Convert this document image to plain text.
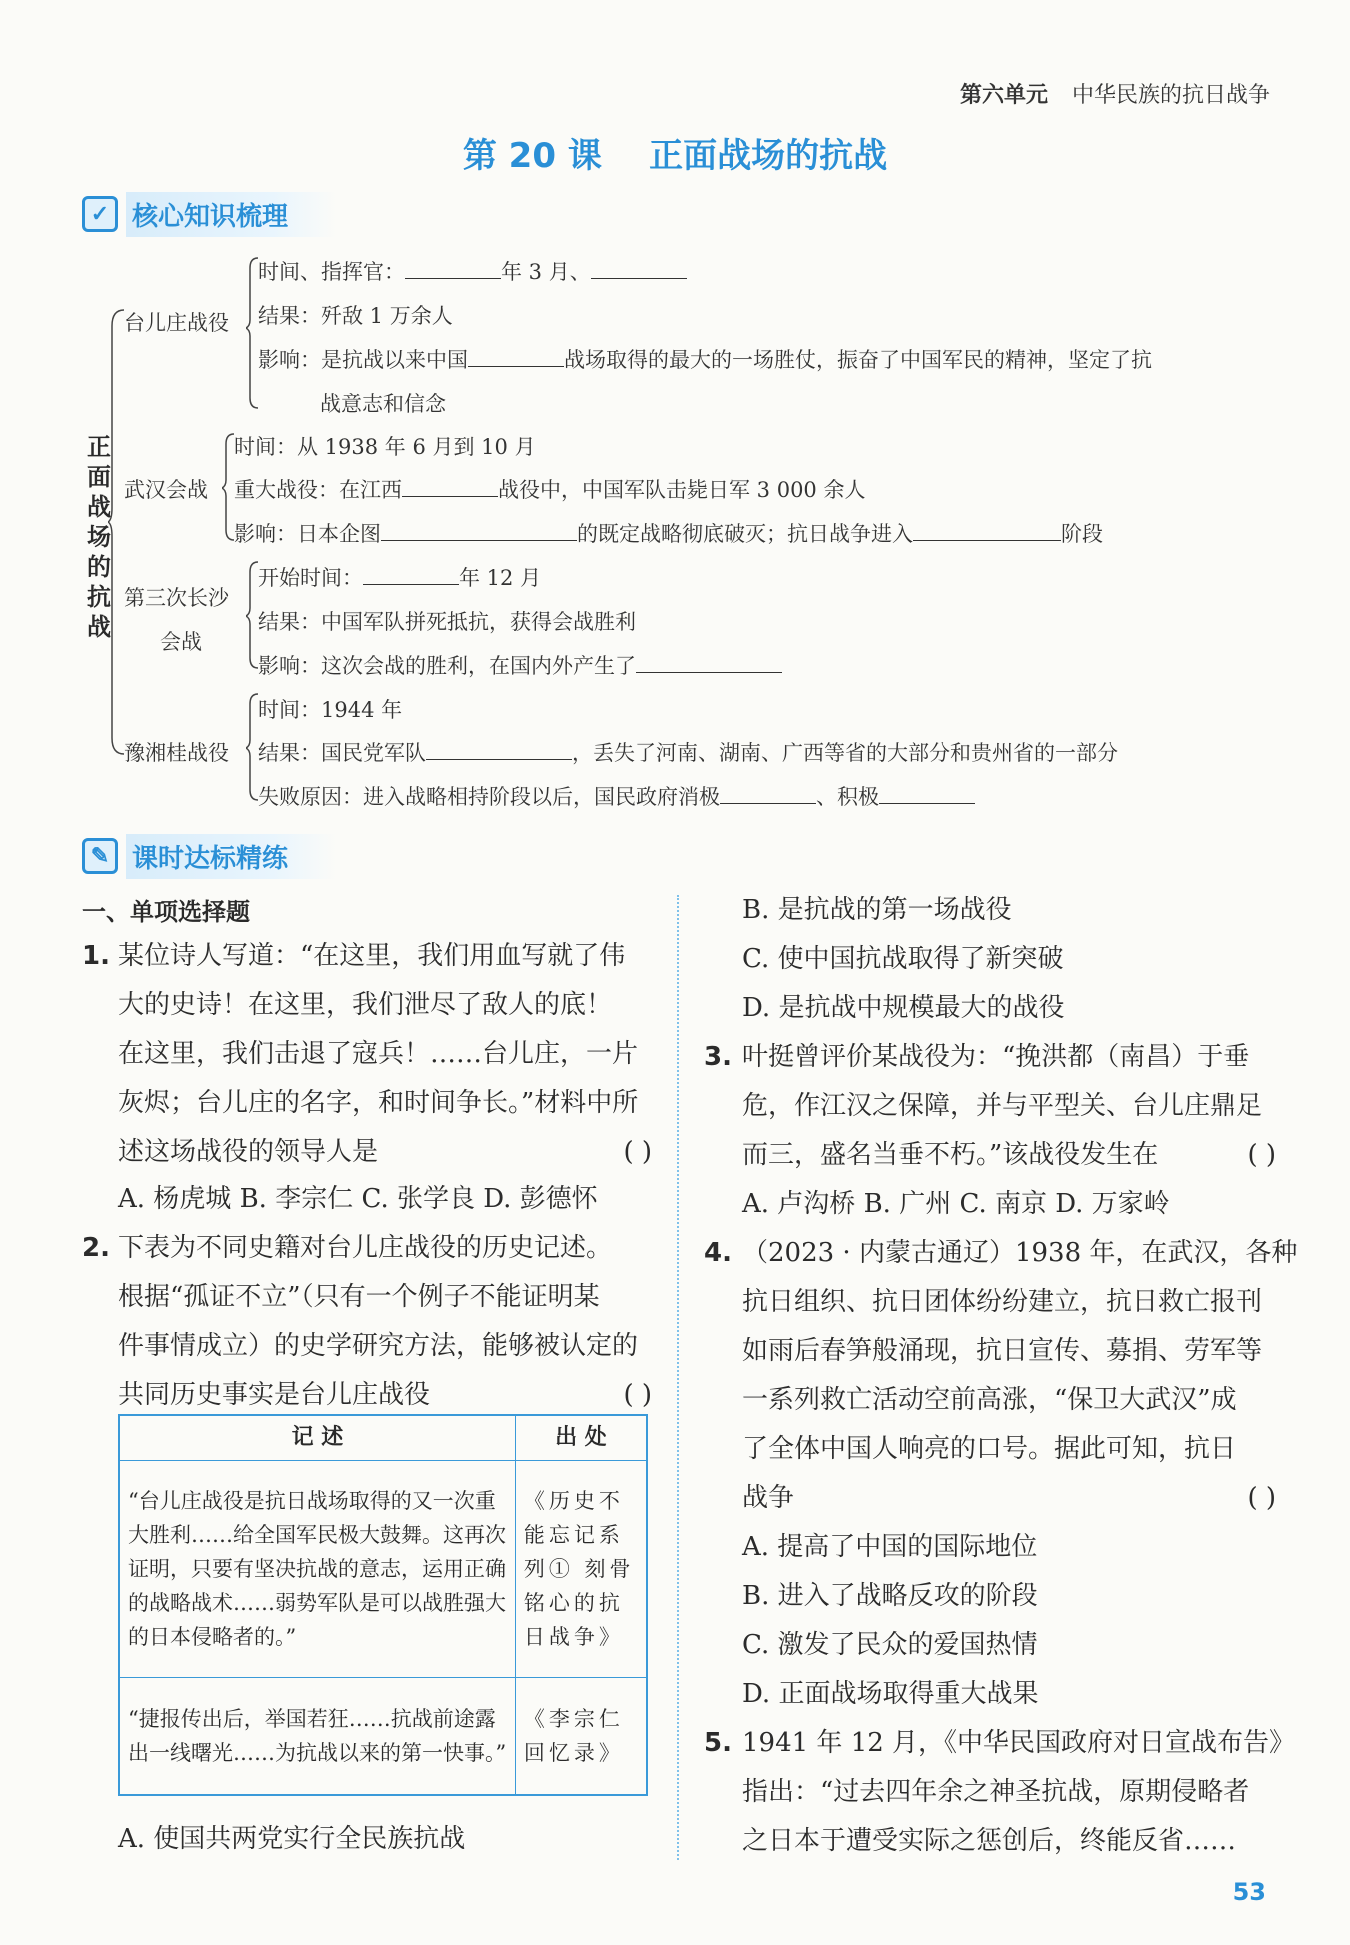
第六单元 中华民族的抗日战争
第 20 课    正面战场的抗战
✓ 核心知识梳理
正面战场的抗战
台儿庄战役
时间、指挥官：	年 3 月、
结果：歼敌 1 万余人
影响：是抗战以来中国	战场取得的最大的一场胜仗，振奋了中国军民的精神，坚定了抗
战意志和信念
武汉会战
时间：从 1938 年 6 月到 10 月
重大战役：在江西	战役中，中国军队击毙日军 3 000 余人
影响：日本企图	的既定战略彻底破灭；抗日战争进入	阶段
第三次长沙
会战
开始时间：	年 12 月
结果：中国军队拼死抵抗，获得会战胜利
影响：这次会战的胜利，在国内外产生了
豫湘桂战役
时间：1944 年
结果：国民党军队	，丢失了河南、湖南、广西等省的大部分和贵州省的一部分
失败原因：进入战略相持阶段以后，国民政府消极	、积极
✎ 课时达标精练
一、单项选择题
1. 某位诗人写道：“在这里，我们用血写就了伟
大的史诗！在这里，我们泄尽了敌人的底！
在这里，我们击退了寇兵！……台儿庄，一片
灰烬；台儿庄的名字，和时间争长。”材料中所
述这场战役的领导人是	( )
A. 杨虎城 B. 李宗仁 C. 张学良 D. 彭德怀
2. 下表为不同史籍对台儿庄战役的历史记述。
根据“孤证不立”（只有一个例子不能证明某
件事情成立）的史学研究方法，能够被认定的
共同历史事实是台儿庄战役	( )
记 述	出 处
“台儿庄战役是抗日战场取得的又一次重大胜利……给全国军民极大鼓舞。这再次证明，只要有坚决抗战的意志，运用正确的战略战术……弱势军队是可以战胜强大的日本侵略者的。”	《历史不能忘记系列① 刻骨铭心的抗日战争》
“捷报传出后，举国若狂……抗战前途露出一线曙光……为抗战以来的第一快事。”	《李宗仁回忆录》
A. 使国共两党实行全民族抗战
B. 是抗战的第一场战役
C. 使中国抗战取得了新突破
D. 是抗战中规模最大的战役
3. 叶挺曾评价某战役为：“挽洪都（南昌）于垂
危，作江汉之保障，并与平型关、台儿庄鼎足
而三，盛名当垂不朽。”该战役发生在	( )
A. 卢沟桥 B. 广州 C. 南京 D. 万家岭
4. （2023 · 内蒙古通辽）1938 年，在武汉，各种
抗日组织、抗日团体纷纷建立，抗日救亡报刊
如雨后春笋般涌现，抗日宣传、募捐、劳军等
一系列救亡活动空前高涨，“保卫大武汉”成
了全体中国人响亮的口号。据此可知，抗日
战争	( )
A. 提高了中国的国际地位
B. 进入了战略反攻的阶段
C. 激发了民众的爱国热情
D. 正面战场取得重大战果
5. 1941 年 12 月，《中华民国政府对日宣战布告》
指出：“过去四年余之神圣抗战，原期侵略者
之日本于遭受实际之惩创后，终能反省……
53
